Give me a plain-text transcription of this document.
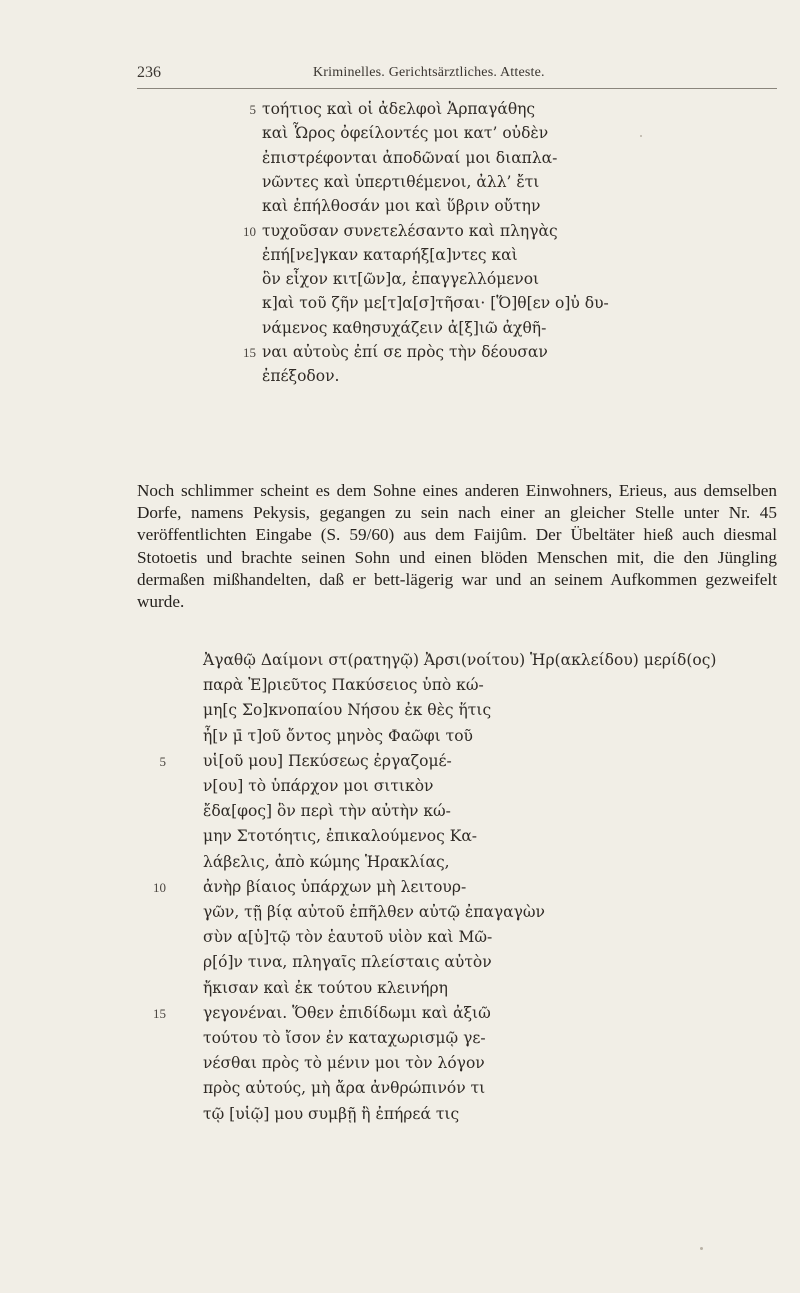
236	Kriminelles. Gerichtsärztliches. Atteste.
5 τοήτιος καὶ οἱ ἀδελφοὶ Ἁρπαγάθης
καὶ Ὧρος ὀφείλοντές μοι κατ’ οὐδὲν
ἐπιστρέφονται ἀποδῶναί μοι διαπλα-
νῶντες καὶ ὑπερτιθέμενοι, ἀλλ’ ἔτι
καὶ ἐπήλθοσάν μοι καὶ ὕβριν οὔτην
10 τυχοῦσαν συνετελέσαντο καὶ πληγὰς
ἐπή[νε]γκαν καταρήξ[α]ντες καὶ
ὃν εἶχον κιτ[ῶν]α, ἐπαγγελλόμενοι
κ]αὶ τοῦ ζῆν με[τ]α[σ]τῆσαι· [Ὅ]θ[εν ο]ὐ δυ-
νάμενος καθησυχάζειν ἀ[ξ]ιῶ ἀχθῆ-
15 ναι αὐτοὺς ἐπί σε πρὸς τὴν δέουσαν
ἐπέξοδον.
Noch schlimmer scheint es dem Sohne eines anderen Einwohners, Erieus, aus demselben Dorfe, namens Pekysis, gegangen zu sein nach einer an gleicher Stelle unter Nr. 45 veröffentlichten Eingabe (S. 59/60) aus dem Faijûm. Der Übeltäter hieß auch diesmal Stotoetis und brachte seinen Sohn und einen blöden Menschen mit, die den Jüngling dermaßen mißhandelten, daß er bett-lägerig war und an seinem Aufkommen gezweifelt wurde.
Ἀγαθῷ Δαίμονι στ(ρατηγῷ) Ἀρσι(νοίτου) Ἡρ(ακλείδου) μερίδ(ος)
παρὰ Ἐ]ριεῦτος Πακύσειος ὑπὸ κώ-
μη[ς Σο]κνοπαίου Νήσου ἐκ θὲς ἥτις
ἦ[ν μ̄ τ]οῦ ὄντος μηνὸς Φαῶφι τοῦ
5 υἱ[οῦ μου] Πεκύσεως ἐργαζομέ-
ν[ου] τὸ ὑπάρχον μοι σιτικὸν
ἔδα[φος] ὃν περὶ τὴν αὐτὴν κώ-
μην Στοτόητις, ἐπικαλούμενος Κα-
λάβελις, ἀπὸ κώμης Ἡρακλίας,
10 ἀνὴρ βίαιος ὑπάρχων μὴ λειτουρ-
γῶν, τῇ βίᾳ αὐτοῦ ἐπῆλθεν αὐτῷ ἐπαγαγὼν
σὺν α[ὑ]τῷ τὸν ἑαυτοῦ υἱὸν καὶ Μῶ-
ρ[ό]ν τινα, πληγαῖς πλείσταις αὐτὸν
ἤκισαν καὶ ἐκ τούτου κλεινήρη
15 γεγονέναι. Ὅθεν ἐπιδίδωμι καὶ ἀξιῶ
τούτου τὸ ἴσον ἐν καταχωρισμῷ γε-
νέσθαι πρὸς τὸ μένιν μοι τὸν λόγον
πρὸς αὐτούς, μὴ ἄρα ἀνθρώπινόν τι
τῷ [υἱῷ] μου συμβῇ ἢ ἐπήρεά τις
